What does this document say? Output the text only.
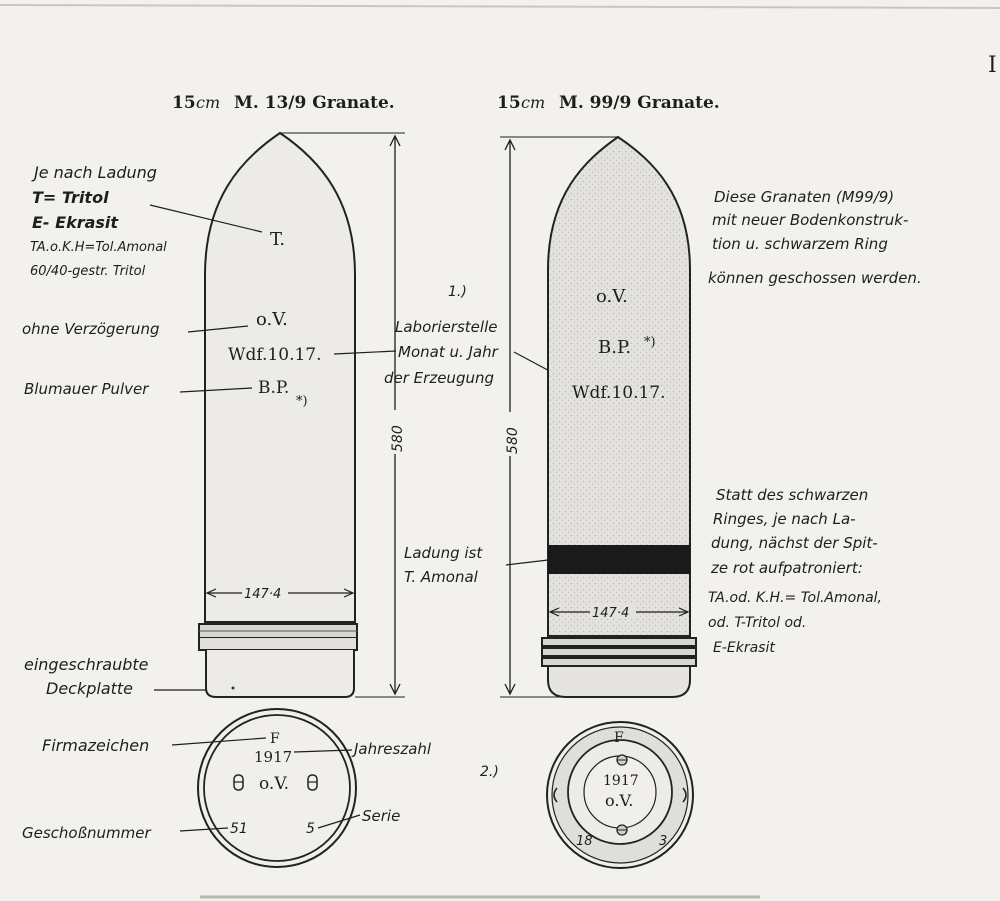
I
15 cm M. 13/9 Granate.
T.
o.V.
Wdf.10.17.
B.P.
*)
580
147·4
Je nach Ladung
T= Tritol
E- Ekrasit
TA.o.K.H=Tol.Amonal
60/40-gestr. Tritol
ohne Verzögerung
Blumauer Pulver
1.)
Laborierstelle
Monat u. Jahr
der Erzeugung
eingeschraubte
Deckplatte
15 cm M. 99/9 Granate.
o.V.
B.P. *)
Wdf.10.17.
580
147·4
Ladung ist
T. Amonal
Diese Granaten (M99/9)
mit neuer Bodenkonstruk-
tion u. schwarzem Ring
können geschossen werden.
Statt des schwarzen
Ringes, je nach La-
dung, nächst der Spit-
ze rot aufpatroniert:
TA.od. K.H.= Tol.Amonal,
od. T-Tritol od.
E-Ekrasit
F
1917
o.V.
51	5
Firmazeichen	Jahreszahl
2.)
Serie
Geschoßnummer
F
1917
o.V.
18	3
